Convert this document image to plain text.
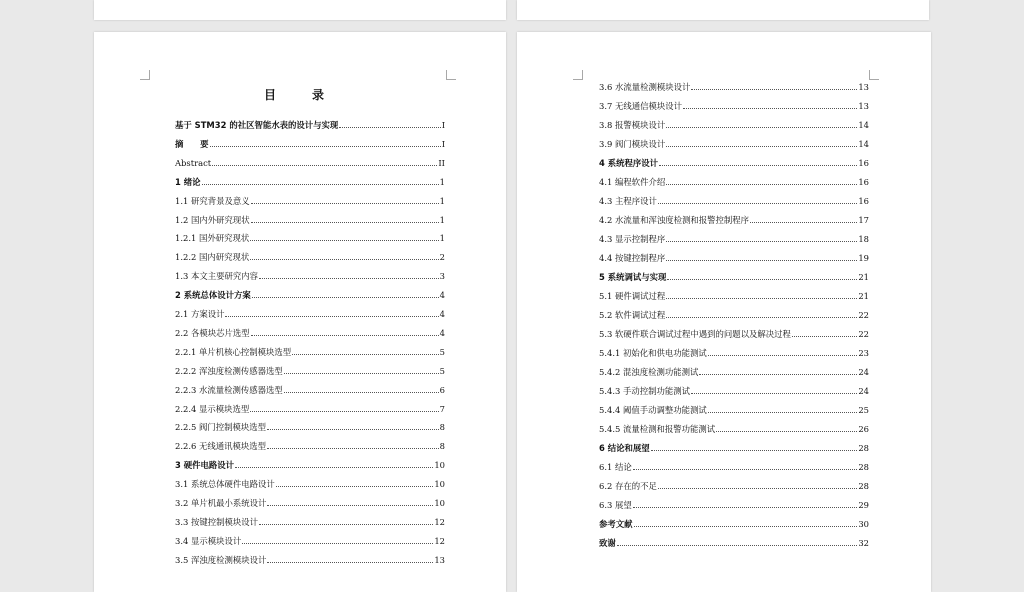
目　录
基于 STM32 的社区智能水表的设计与实现	I
摘　　要	I
Abstract	II
1 绪论	1
1.1 研究背景及意义	1
1.2 国内外研究现状	1
1.2.1 国外研究现状	1
1.2.2 国内研究现状	2
1.3 本文主要研究内容	3
2 系统总体设计方案	4
2.1 方案设计	4
2.2 各模块芯片选型	4
2.2.1 单片机核心控制模块选型	5
2.2.2 浑浊度检测传感器选型	5
2.2.3 水流量检测传感器选型	6
2.2.4 显示模块选型	7
2.2.5 阀门控制模块选型	8
2.2.6 无线通讯模块选型	8
3 硬件电路设计	10
3.1 系统总体硬件电路设计	10
3.2 单片机最小系统设计	10
3.3 按键控制模块设计	12
3.4 显示模块设计	12
3.5 浑浊度检测模块设计	13
3.6 水流量检测模块设计	13
3.7 无线通信模块设计	13
3.8 报警模块设计	14
3.9 阀门模块设计	14
4 系统程序设计	16
4.1 编程软件介绍	16
4.3 主程序设计	16
4.2 水流量和浑浊度检测和报警控制程序	17
4.3 显示控制程序	18
4.4 按键控制程序	19
5 系统调试与实现	21
5.1 硬件调试过程	21
5.2 软件调试过程	22
5.3 软硬件联合调试过程中遇到的问题以及解决过程	22
5.4.1 初始化和供电功能测试	23
5.4.2 混浊度检测功能测试	24
5.4.3 手动控制功能测试	24
5.4.4 阈值手动调整功能测试	25
5.4.5 流量检测和报警功能测试	26
6 结论和展望	28
6.1 结论	28
6.2 存在的不足	28
6.3 展望	29
参考文献	30
致谢	32
